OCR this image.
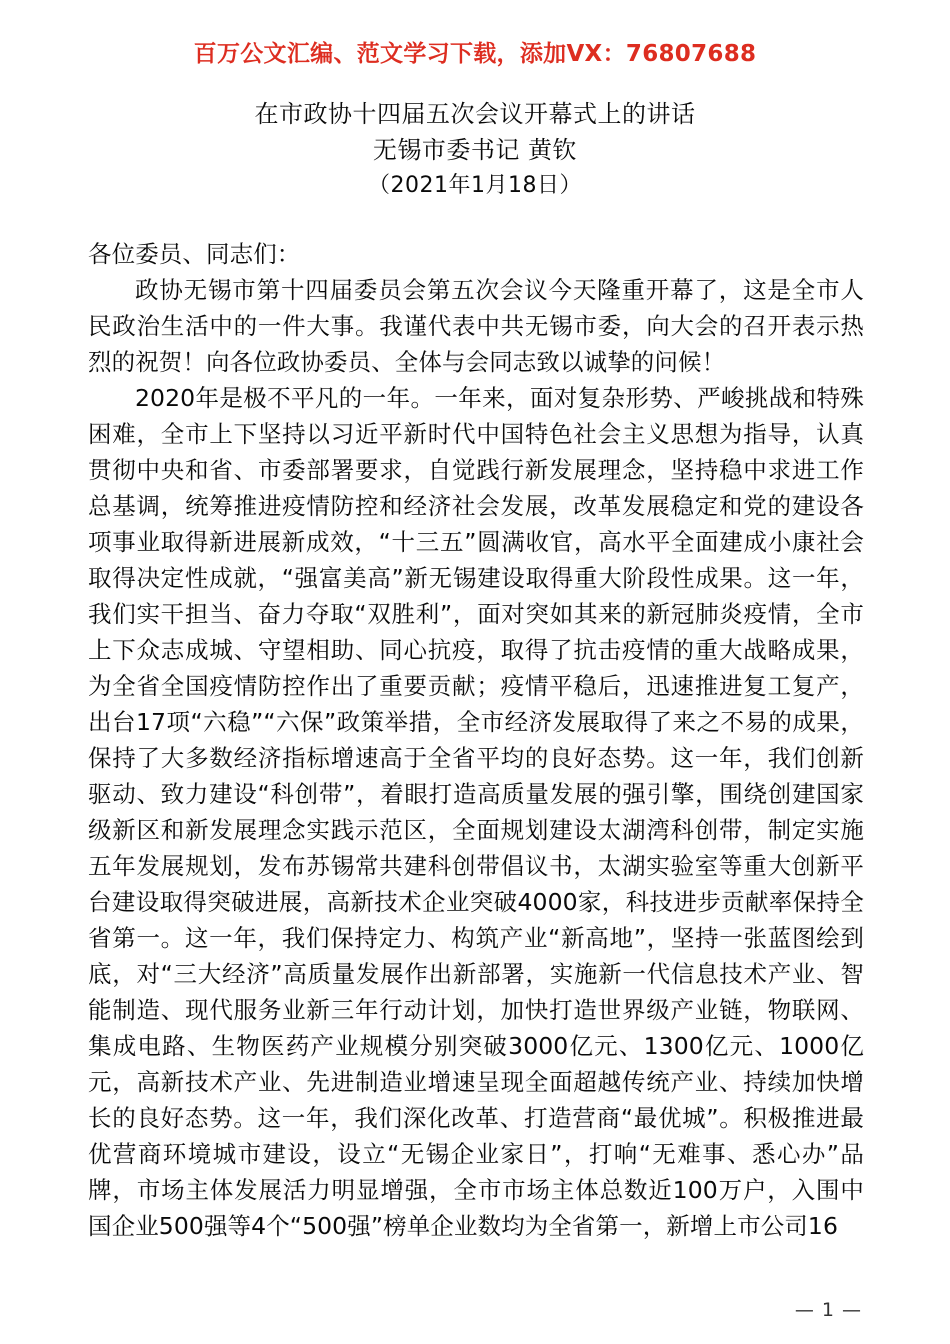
百万公文汇编、范文学习下载，添加VX：76807688
在市政协十四届五次会议开幕式上的讲话
无锡市委书记 黄钦
（2021年1月18日）

各位委员、同志们：

政协无锡市第十四届委员会第五次会议今天隆重开幕了，这是全市人民政治生活中的一件大事。我谨代表中共无锡市委，向大会的召开表示热烈的祝贺！向各位政协委员、全体与会同志致以诚挚的问候！

2020年是极不平凡的一年。一年来，面对复杂形势、严峻挑战和特殊困难，全市上下坚持以习近平新时代中国特色社会主义思想为指导，认真贯彻中央和省、市委部署要求，自觉践行新发展理念，坚持稳中求进工作总基调，统筹推进疫情防控和经济社会发展，改革发展稳定和党的建设各项事业取得新进展新成效，“十三五”圆满收官，高水平全面建成小康社会取得决定性成就，“强富美高”新无锡建设取得重大阶段性成果。这一年，我们实干担当、奋力夺取“双胜利”，面对突如其来的新冠肺炎疫情，全市上下众志成城、守望相助、同心抗疫，取得了抗击疫情的重大战略成果，为全省全国疫情防控作出了重要贡献；疫情平稳后，迅速推进复工复产，出台17项“六稳”“六保”政策举措，全市经济发展取得了来之不易的成果，保持了大多数经济指标增速高于全省平均的良好态势。这一年，我们创新驱动、致力建设“科创带”，着眼打造高质量发展的强引擎，围绕创建国家级新区和新发展理念实践示范区，全面规划建设太湖湾科创带，制定实施五年发展规划，发布苏锡常共建科创带倡议书，太湖实验室等重大创新平台建设取得突破进展，高新技术企业突破4000家，科技进步贡献率保持全省第一。这一年，我们保持定力、构筑产业“新高地”，坚持一张蓝图绘到底，对“三大经济”高质量发展作出新部署，实施新一代信息技术产业、智能制造、现代服务业新三年行动计划，加快打造世界级产业链，物联网、集成电路、生物医药产业规模分别突破3000亿元、1300亿元、1000亿元，高新技术产业、先进制造业增速呈现全面超越传统产业、持续加快增长的良好态势。这一年，我们深化改革、打造营商“最优城”。积极推进最优营商环境城市建设，设立“无锡企业家日”，打响“无难事、悉心办”品牌，市场主体发展活力明显增强，全市市场主体总数近100万户，入围中国企业500强等4个“500强”榜单企业数均为全省第一，新增上市公司16

— 1 —
